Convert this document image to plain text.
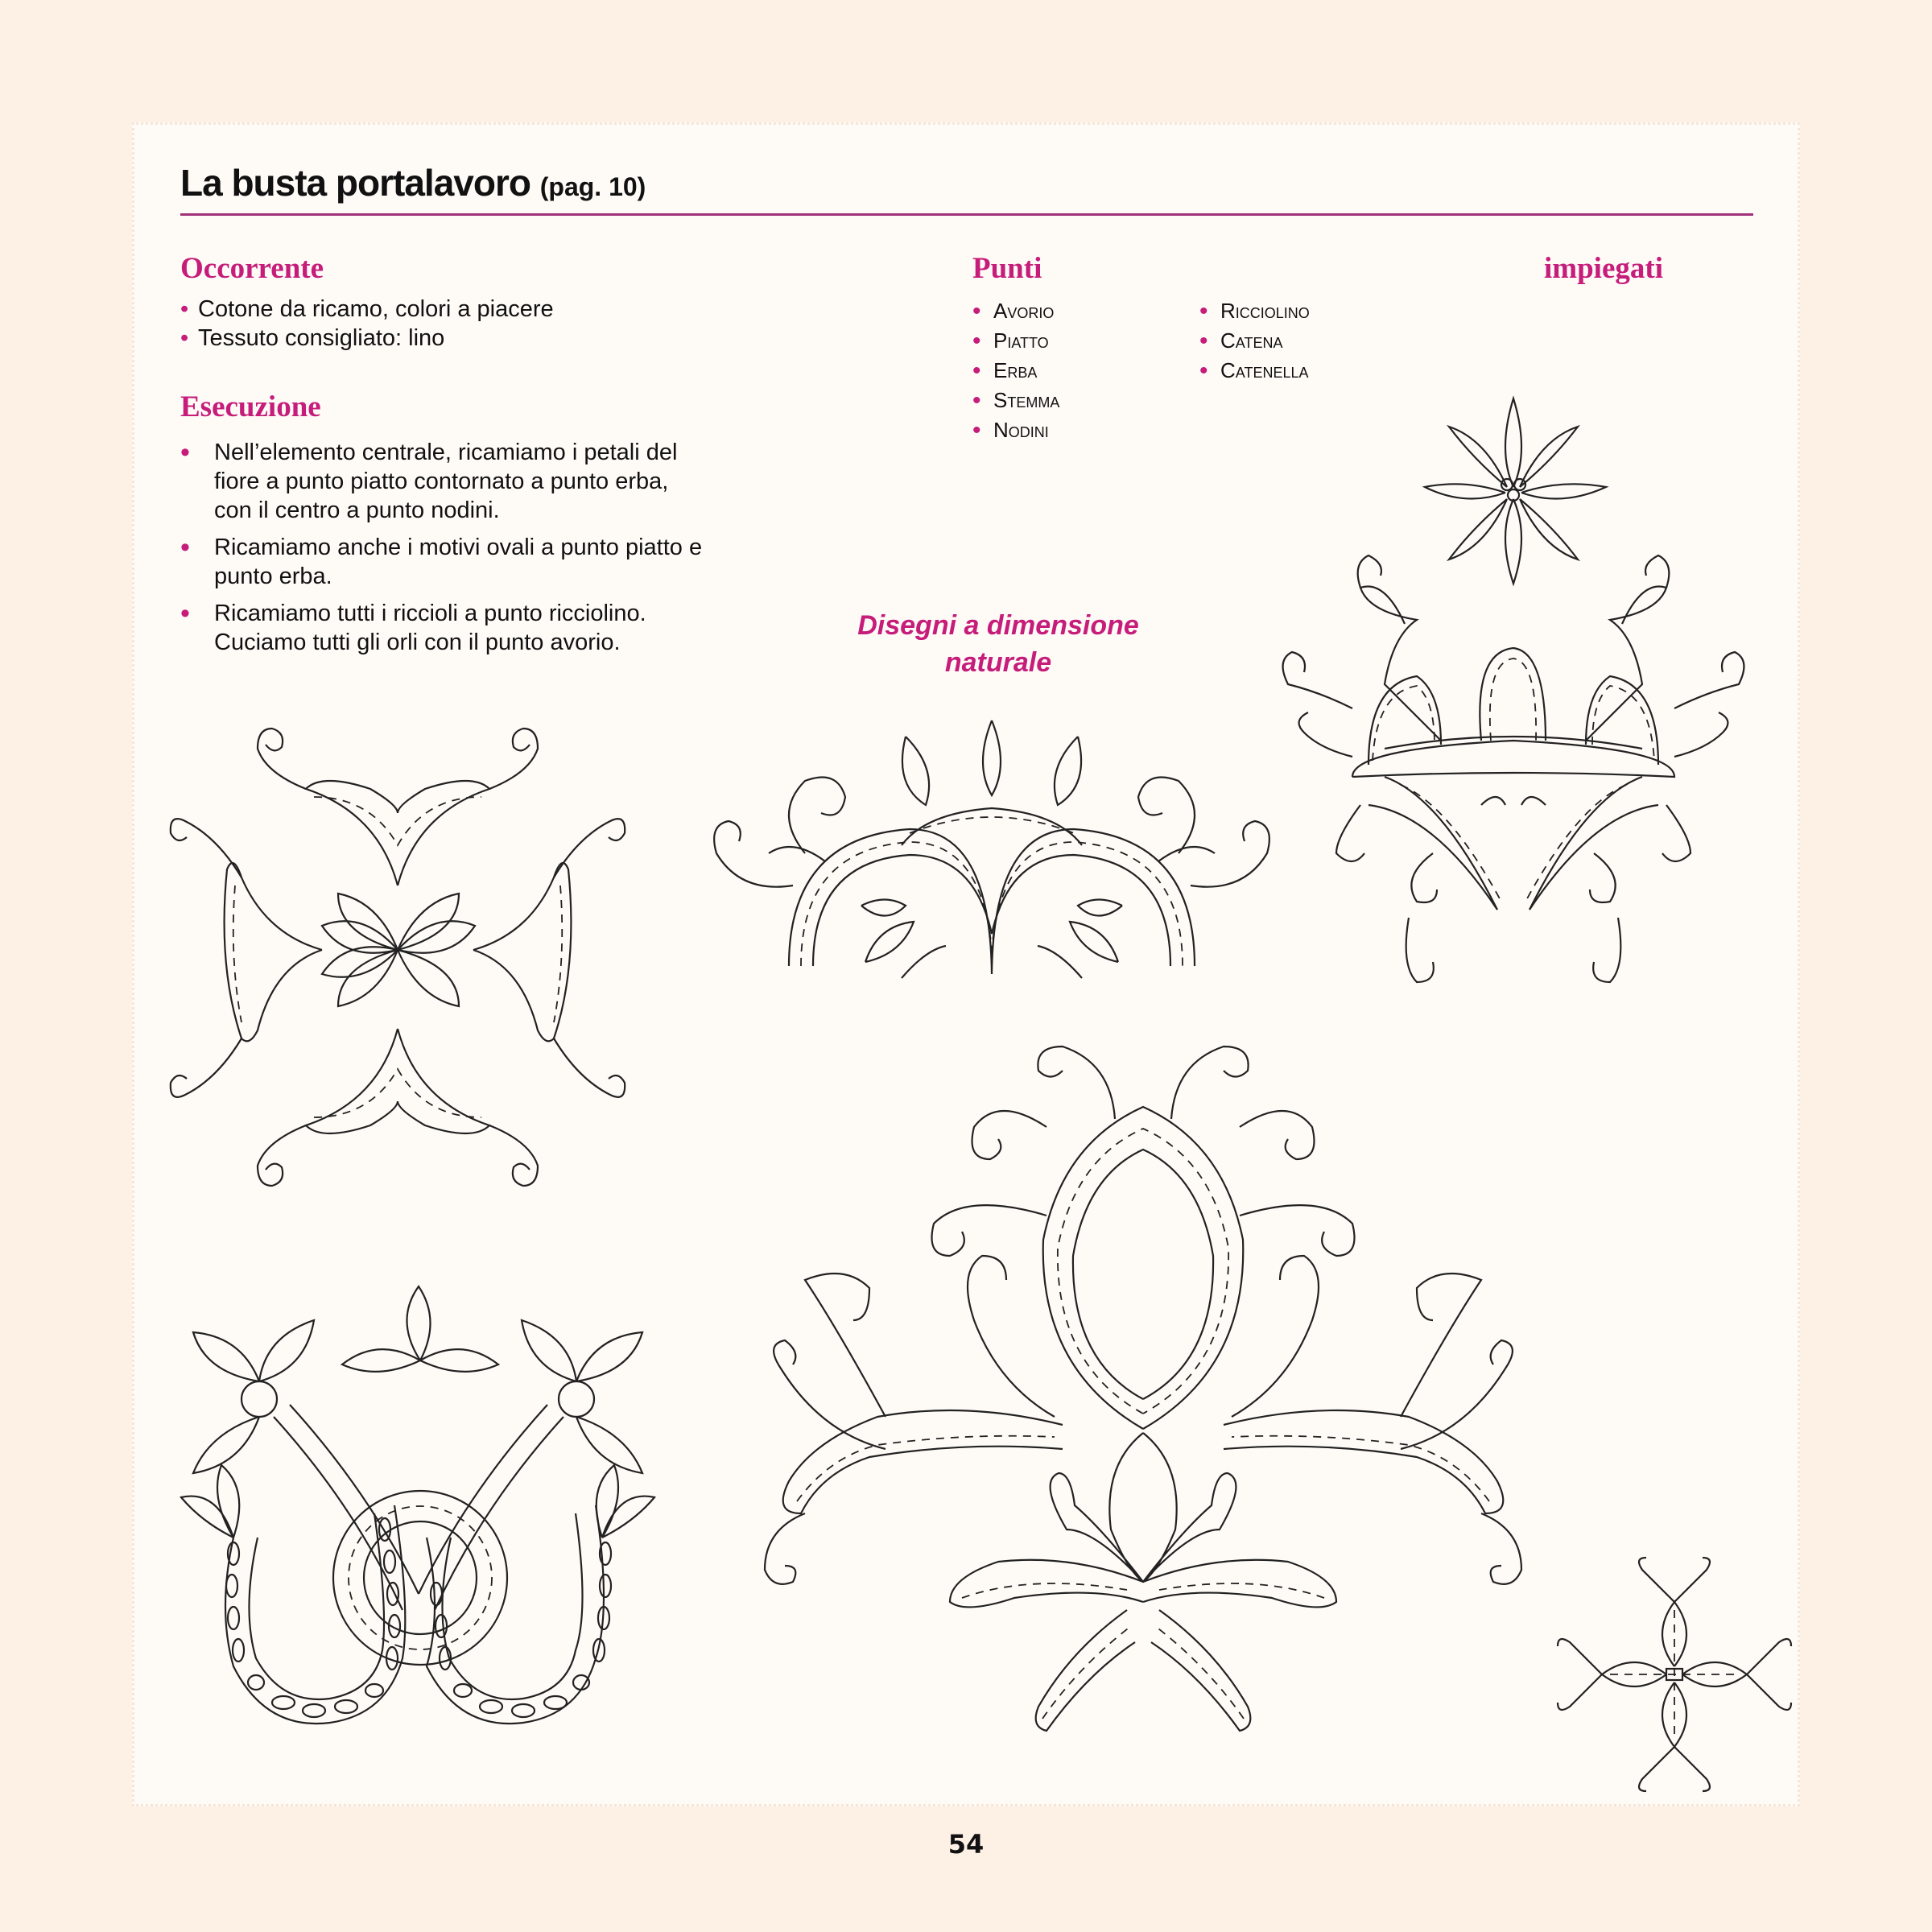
La busta portalavoro (pag. 10)
Occorrente
• Cotone da ricamo, colori a piacere
• Tessuto consigliato: lino
Esecuzione
• Nell’elemento centrale, ricamiamo i petali del fiore a punto piatto contornato a punto erba, con il centro a punto nodini.
• Ricamiamo anche i motivi ovali a punto piatto e punto erba.
• Ricamiamo tutti i riccioli a punto ricciolino. Cuciamo tutti gli orli con il punto avorio.
Punti	impiegati
• Avorio
• Piatto
• Erba
• Stemma
• Nodini
• Ricciolino
• Catena
• Catenella
Disegni a dimensione
naturale
54
